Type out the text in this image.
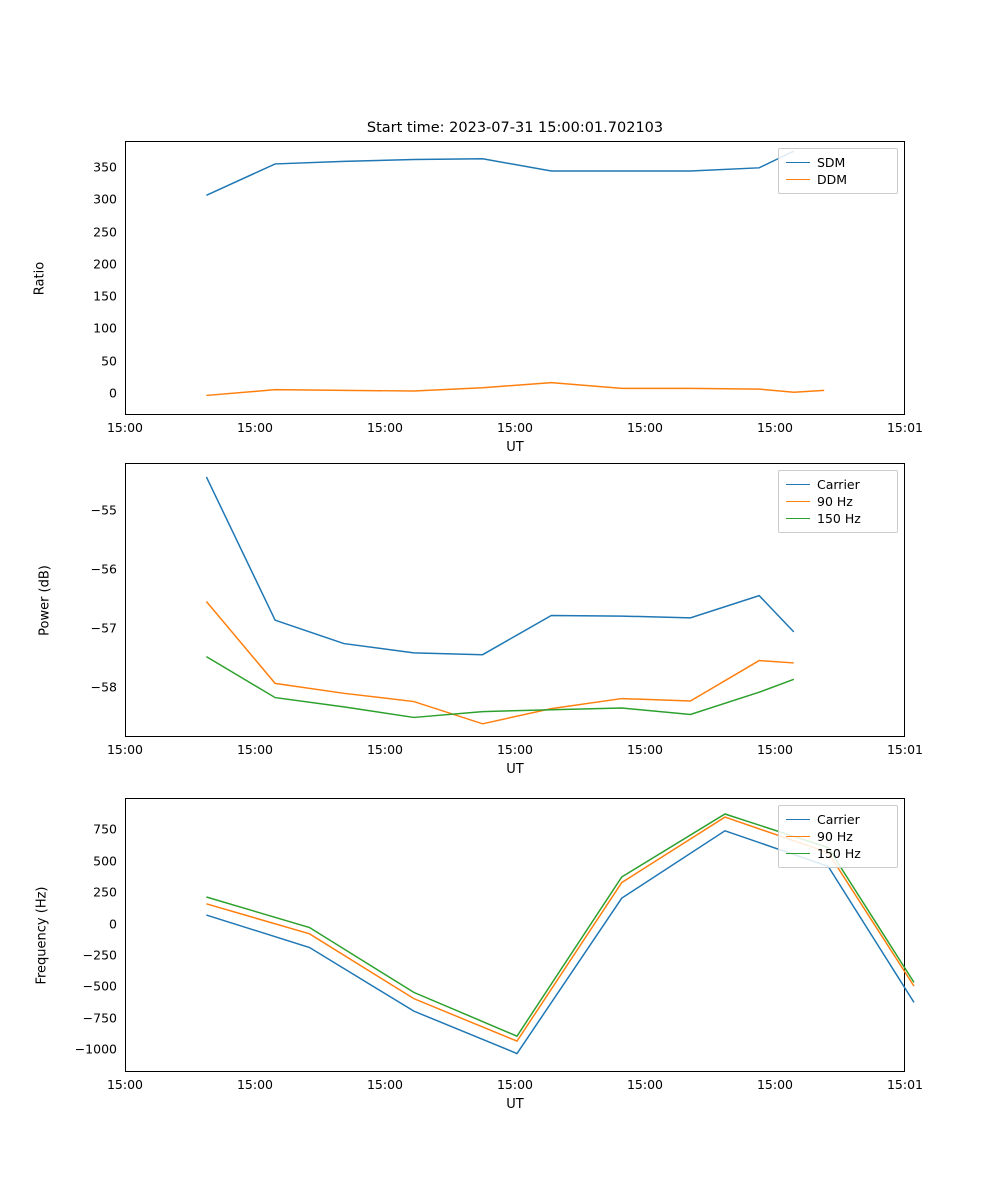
Start time: 2023-07-31 15:00:01.702103
SDM
DDM
0
50
100
150
200
250
300
350
15:00	15:00	15:00	15:00	15:00	15:00	15:01
UT
Ratio
Carrier
90 Hz
150 Hz
−55
−56
−57
−58
15:00	15:00	15:00	15:00	15:00	15:00	15:01
UT
Power (dB)
Carrier
90 Hz
150 Hz
−1000
−750
−500
−250
0
250
500
750
15:00	15:00	15:00	15:00	15:00	15:00	15:01
UT
Frequency (Hz)
